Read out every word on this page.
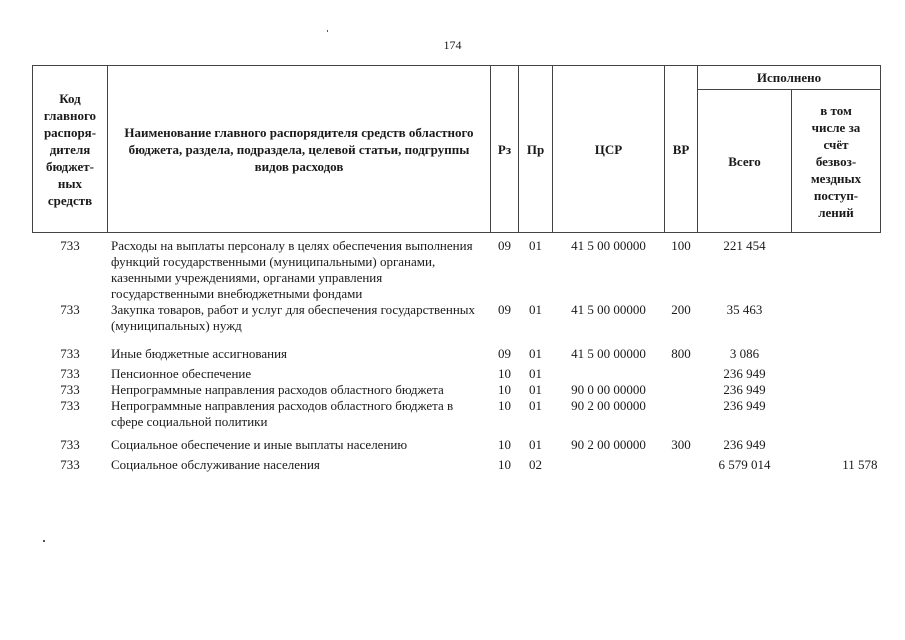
174
Код главного распоря-дителя бюджет-ных средств	Наименование главного распорядителя средств областного бюджета, раздела, подраздела, целевой статьи, подгруппы видов расходов	Рз	Пр	ЦСР	ВР	Исполнено	
						Всего	в том числе за счёт безвоз-мездных поступ-лений

733	Расходы на выплаты персоналу в целях обеспечения выполнения функций государственными (муниципальными) органами, казенными учреждениями, органами управления государственными внебюджетными фондами	09	01	41 5 00 00000	100	221 454	
733	Закупка товаров, работ и услуг для обеспечения государственных (муниципальных) нужд	09	01	41 5 00 00000	200	35 463	

733	Иные бюджетные ассигнования	09	01	41 5 00 00000	800	3 086	

733	Пенсионное обеспечение	10	01			236 949	
733	Непрограммные направления расходов областного бюджета	10	01	90 0 00 00000		236 949	
733	Непрограммные направления расходов областного бюджета в сфере социальной политики	10	01	90 2 00 00000		236 949	

733	Социальное обеспечение и иные выплаты населению	10	01	90 2 00 00000	300	236 949	

733	Социальное обслуживание населения	10	02			6 579 014	11 578
